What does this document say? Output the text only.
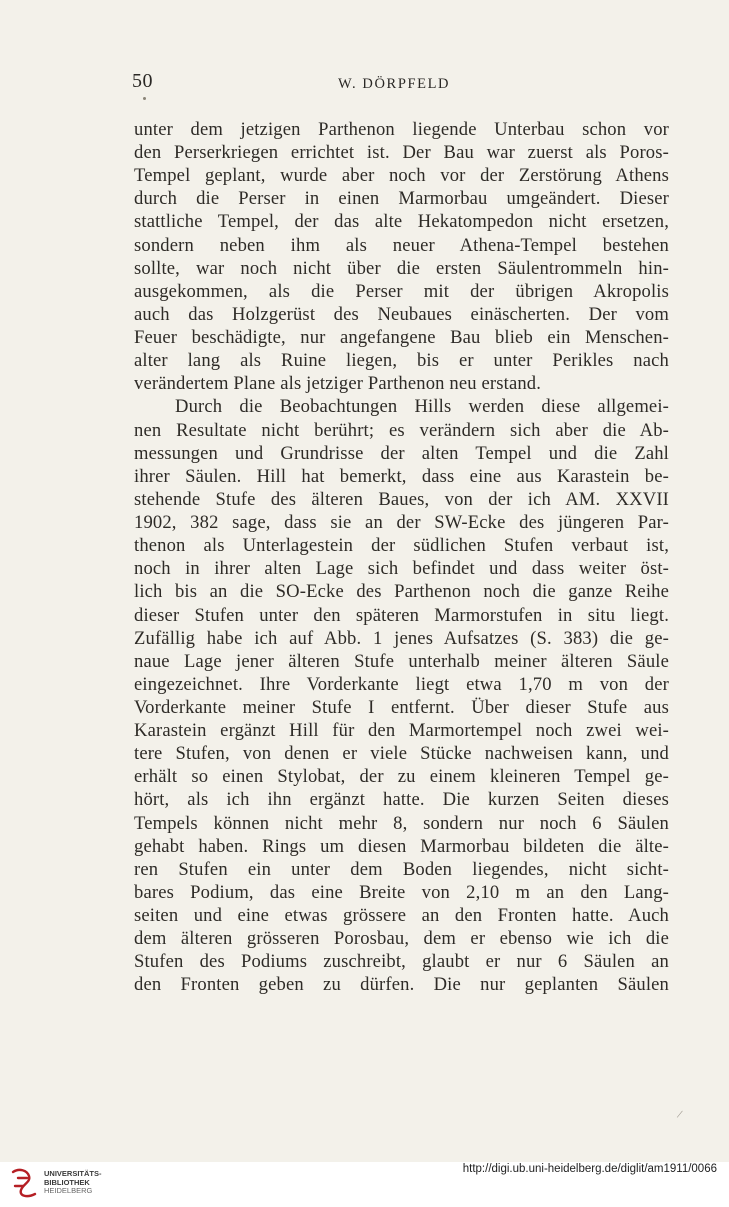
50	W. DÖRPFELD
unter dem jetzigen Parthenon liegende Unterbau schon vor
den Perserkriegen errichtet ist. Der Bau war zuerst als Poros-
Tempel geplant, wurde aber noch vor der Zerstörung Athens
durch die Perser in einen Marmorbau umgeändert. Dieser
stattliche Tempel, der das alte Hekatompedon nicht ersetzen,
sondern neben ihm als neuer Athena-Tempel bestehen
sollte, war noch nicht über die ersten Säulentrommeln hin-
ausgekommen, als die Perser mit der übrigen Akropolis
auch das Holzgerüst des Neubaues einäscherten. Der vom
Feuer beschädigte, nur angefangene Bau blieb ein Menschen-
alter lang als Ruine liegen, bis er unter Perikles nach
verändertem Plane als jetziger Parthenon neu erstand.
Durch die Beobachtungen Hills werden diese allgemei-
nen Resultate nicht berührt; es verändern sich aber die Ab-
messungen und Grundrisse der alten Tempel und die Zahl
ihrer Säulen. Hill hat bemerkt, dass eine aus Karastein be-
stehende Stufe des älteren Baues, von der ich AM. XXVII
1902, 382 sage, dass sie an der SW-Ecke des jüngeren Par-
thenon als Unterlagestein der südlichen Stufen verbaut ist,
noch in ihrer alten Lage sich befindet und dass weiter öst-
lich bis an die SO-Ecke des Parthenon noch die ganze Reihe
dieser Stufen unter den späteren Marmorstufen in situ liegt.
Zufällig habe ich auf Abb. 1 jenes Aufsatzes (S. 383) die ge-
naue Lage jener älteren Stufe unterhalb meiner älteren Säule
eingezeichnet. Ihre Vorderkante liegt etwa 1,70 m von der
Vorderkante meiner Stufe I entfernt. Über dieser Stufe aus
Karastein ergänzt Hill für den Marmortempel noch zwei wei-
tere Stufen, von denen er viele Stücke nachweisen kann, und
erhält so einen Stylobat, der zu einem kleineren Tempel ge-
hört, als ich ihn ergänzt hatte. Die kurzen Seiten dieses
Tempels können nicht mehr 8, sondern nur noch 6 Säulen
gehabt haben. Rings um diesen Marmorbau bildeten die älte-
ren Stufen ein unter dem Boden liegendes, nicht sicht-
bares Podium, das eine Breite von 2,10 m an den Lang-
seiten und eine etwas grössere an den Fronten hatte. Auch
dem älteren grösseren Porosbau, dem er ebenso wie ich die
Stufen des Podiums zuschreibt, glaubt er nur 6 Säulen an
den Fronten geben zu dürfen. Die nur geplanten Säulen
/
UNIVERSITÄTS-
BIBLIOTHEK
HEIDELBERG
http://digi.ub.uni-heidelberg.de/diglit/am1911/0066
